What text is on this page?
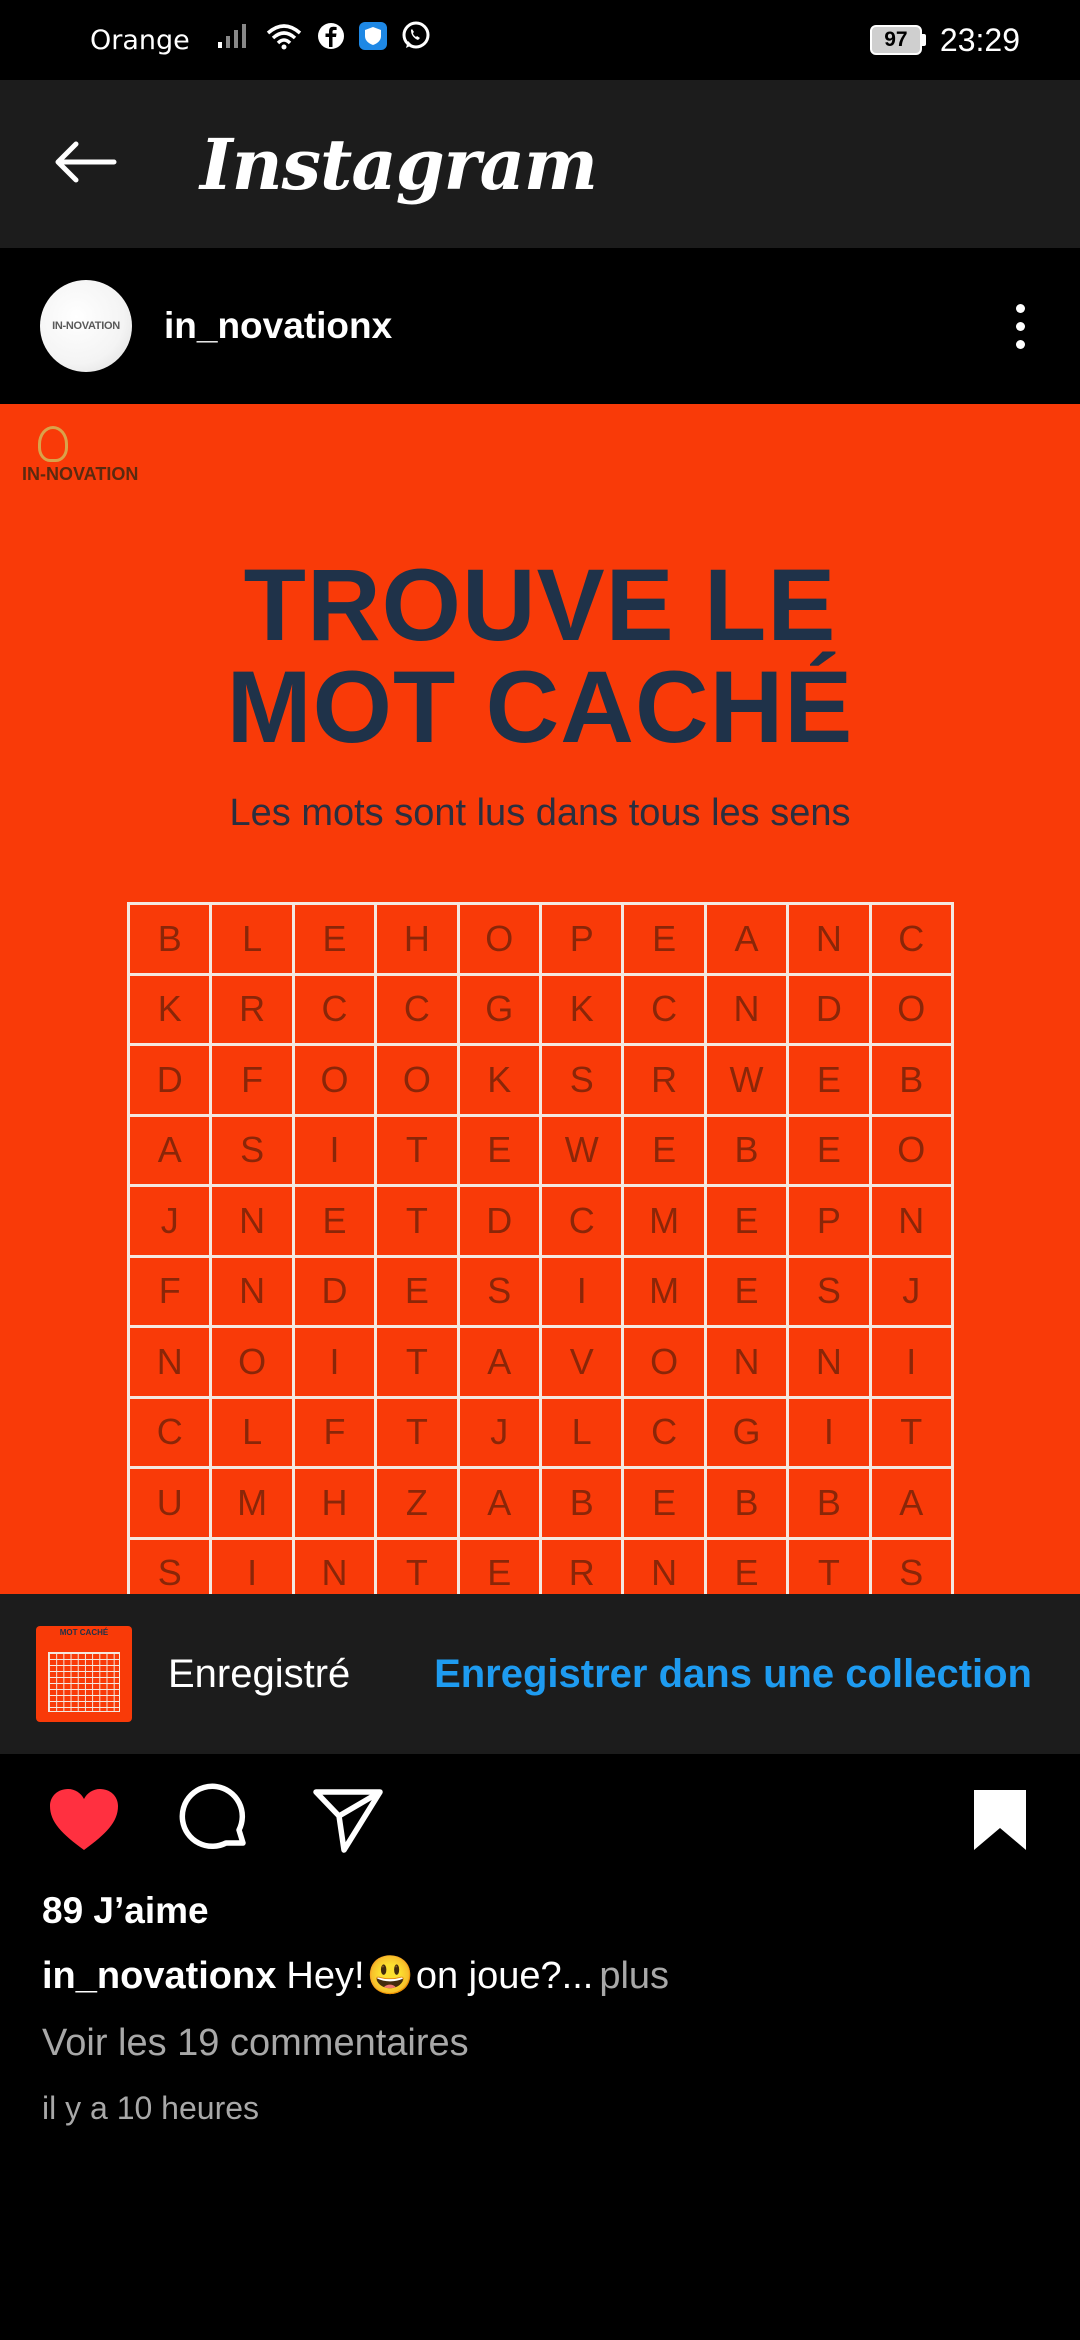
Orange	97	23:29
Instagram
IN-NOVATION in_novationx
IN-NOVATION
TROUVE LE
MOT CACHÉ
Les mots sont lus dans tous les sens
B	L	E	H	O	P	E	A	N	C
K	R	C	C	G	K	C	N	D	O
D	F	O	O	K	S	R	W	E	B
A	S	I	T	E	W	E	B	E	O
J	N	E	T	D	C	M	E	P	N
F	N	D	E	S	I	M	E	S	J
N	O	I	T	A	V	O	N	N	I
C	L	F	T	J	L	C	G	I	T
U	M	H	Z	A	B	E	B	B	A
S	I	N	T	E	R	N	E	T	S
MOT CACHÉ
Enregistré Enregistrer dans une collection
89 J’aime
in_novationx Hey! 😃 on joue?... plus
Voir les 19 commentaires
il y a 10 heures
